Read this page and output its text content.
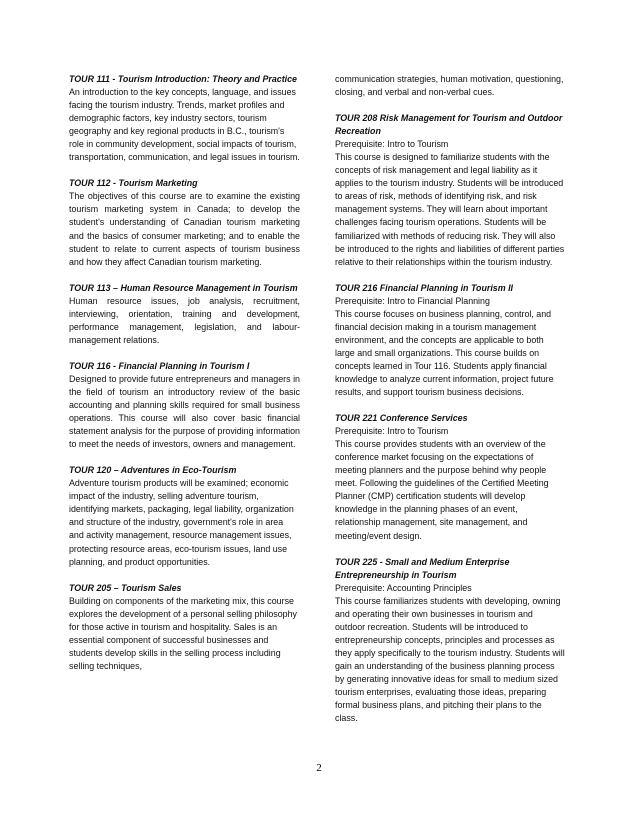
TOUR 111 - Tourism Introduction: Theory and Practice
An introduction to the key concepts, language, and issues facing the tourism industry. Trends, market profiles and demographic factors, key industry sectors, tourism geography and key regional products in B.C., tourism's role in community development, social impacts of tourism, transportation, communication, and legal issues in tourism.
TOUR 112 - Tourism Marketing
The objectives of this course are to examine the existing tourism marketing system in Canada; to develop the student's understanding of Canadian tourism marketing and the basics of consumer marketing; and to enable the student to relate to current aspects of tourism business and how they affect Canadian tourism marketing.
TOUR 113 – Human Resource Management in Tourism
Human resource issues, job analysis, recruitment, interviewing, orientation, training and development, performance management, legislation, and labour-management relations.
TOUR 116 - Financial Planning in Tourism I
Designed to provide future entrepreneurs and managers in the field of tourism an introductory review of the basic accounting and planning skills required for small business operations. This course will also cover basic financial statement analysis for the purpose of providing information to meet the needs of investors, owners and management.
TOUR 120 – Adventures in Eco-Tourism
Adventure tourism products will be examined; economic impact of the industry, selling adventure tourism, identifying markets, packaging, legal liability, organization and structure of the industry, government's role in area and activity management, resource management issues, protecting resource areas, eco-tourism issues, land use planning, and product opportunities.
TOUR 205 – Tourism Sales
Building on components of the marketing mix, this course explores the development of a personal selling philosophy for those active in tourism and hospitality. Sales is an essential component of successful businesses and students develop skills in the selling process including selling techniques,
communication strategies, human motivation, questioning, closing, and verbal and non-verbal cues.
TOUR 208 Risk Management for Tourism and Outdoor Recreation
Prerequisite: Intro to Tourism
This course is designed to familiarize students with the concepts of risk management and legal liability as it applies to the tourism industry. Students will be introduced to areas of risk, methods of identifying risk, and risk management systems. They will learn about important challenges facing tourism operations. Students will be familiarized with methods of reducing risk. They will also be introduced to the rights and liabilities of different parties relative to their relationships within the tourism industry.
TOUR 216 Financial Planning in Tourism II
Prerequisite: Intro to Financial Planning
This course focuses on business planning, control, and financial decision making in a tourism management environment, and the concepts are applicable to both large and small organizations. This course builds on concepts learned in Tour 116. Students apply financial knowledge to analyze current information, project future results, and support tourism business decisions.
TOUR 221 Conference Services
Prerequisite: Intro to Tourism
This course provides students with an overview of the conference market focusing on the expectations of meeting planners and the purpose behind why people meet. Following the guidelines of the Certified Meeting Planner (CMP) certification students will develop knowledge in the planning phases of an event, relationship management, site management, and meeting/event design.
TOUR 225 - Small and Medium Enterprise Entrepreneurship in Tourism
Prerequisite: Accounting Principles
This course familiarizes students with developing, owning and operating their own businesses in tourism and outdoor recreation. Students will be introduced to entrepreneurship concepts, principles and processes as they apply specifically to the tourism industry. Students will gain an understanding of the business planning process by generating innovative ideas for small to medium sized tourism enterprises, evaluating those ideas, preparing formal business plans, and pitching their plans to the class.
2
